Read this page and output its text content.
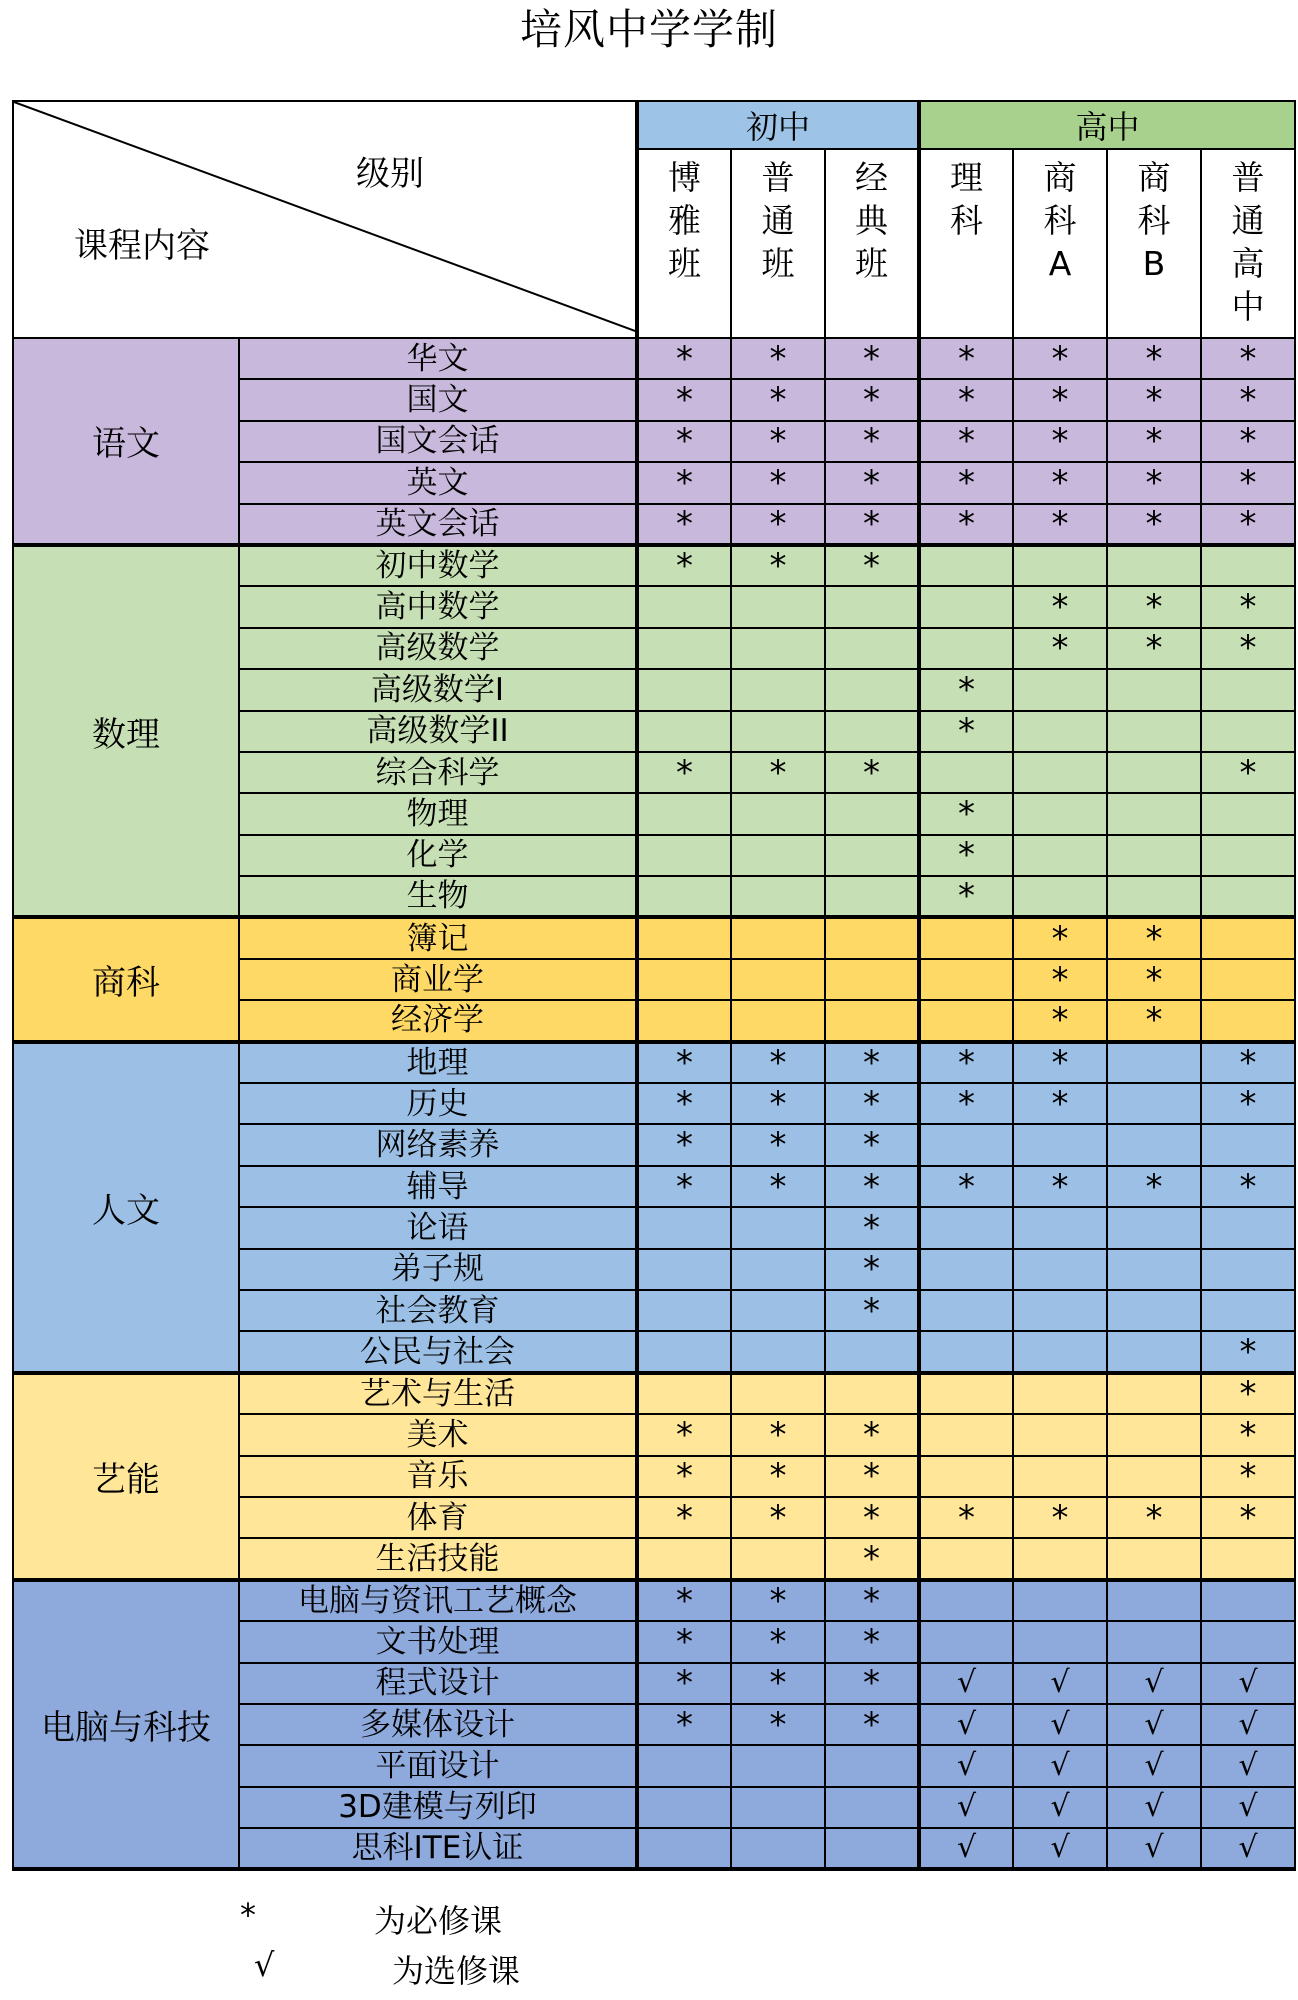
培风中学学制
级别
课程内容		初中			高中			

		博
雅
班	普
通
班	经
典
班	理
科	商
科
A	商
科
B	普
通
高
中

语文	华文	*	*	*	*	*	*	*
	国文	*	*	*	*	*	*	*
	国文会话	*	*	*	*	*	*	*
	英文	*	*	*	*	*	*	*
	英文会话	*	*	*	*	*	*	*
数理	初中数学	*	*	*				
	高中数学					*	*	*
	高级数学					*	*	*
	高级数学I				*			
	高级数学II				*			
	综合科学	*	*	*				*
	物理				*			
	化学				*			
	生物				*			
商科	簿记					*	*	
	商业学					*	*	
	经济学					*	*	
人文	地理	*	*	*	*	*		*
	历史	*	*	*	*	*		*
	网络素养	*	*	*				
	辅导	*	*	*	*	*	*	*
	论语			*				
	弟子规			*				
	社会教育			*				
	公民与社会							*
艺能	艺术与生活							*
	美术	*	*	*				*
	音乐	*	*	*				*
	体育	*	*	*	*	*	*	*
	生活技能			*				
电脑与科技	电脑与资讯工艺概念	*	*	*				
	文书处理	*	*	*				
	程式设计	*	*	*	√	√	√	√
	多媒体设计	*	*	*	√	√	√	√
	平面设计				√	√	√	√
	3D建模与列印				√	√	√	√
	思科ITE认证				√	√	√	√
*	为必修课
√	为选修课
